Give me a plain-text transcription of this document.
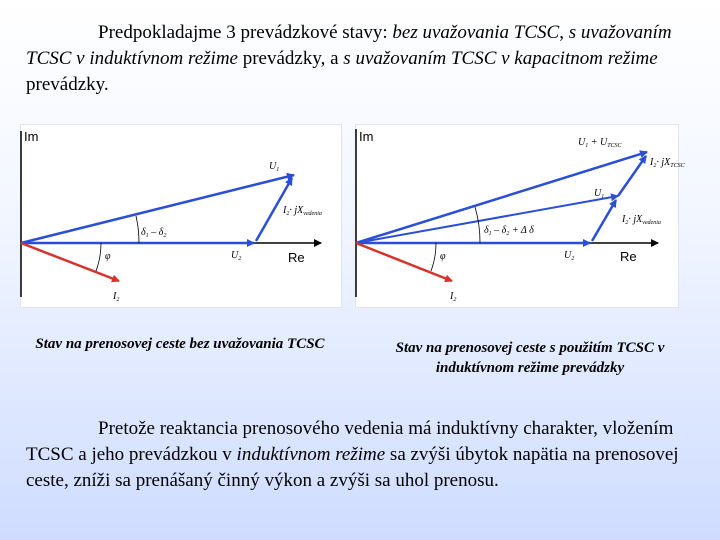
Predpokladajme 3 prevádzkové stavy: bez uvažovania TCSC, s uvažovaním TCSC v induktívnom režime prevádzky, a s uvažovaním TCSC v kapacitnom režime prevádzky.
Im
Re
$U_1$
$I_2\cdot jX_{vedenia}$
$\delta_1 - \delta_2$
$U_2$
φ
$I_2$
Im
Re
$U_1 + U_{TCSC}$
$I_2\cdot jX_{TCSC}$
$U_1$
$I_2\cdot jX_{vedenia}$
$\delta_1 - \delta_2 + \Delta$ δ
$U_2$
φ
$I_2$
Stav na prenosovej ceste bez uvažovania TCSC	Stav na prenosovej ceste s použitím TCSC v induktívnom režime prevádzky
Pretože reaktancia prenosového vedenia má induktívny charakter, vložením TCSC a jeho prevádzkou v induktívnom režime sa zvýši úbytok napätia na prenosovej ceste, zníži sa prenášaný činný výkon a zvýši sa uhol prenosu.
